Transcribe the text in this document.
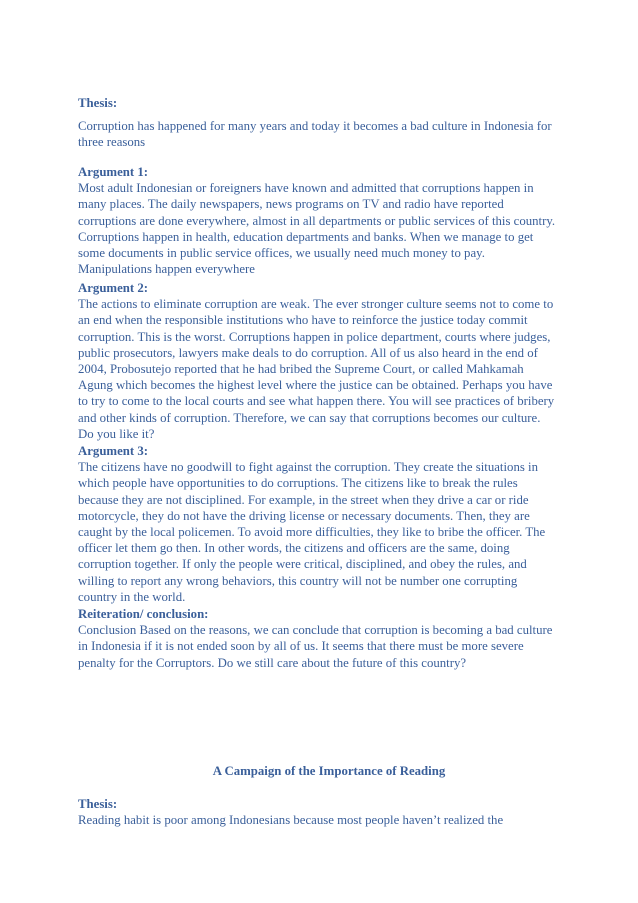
Thesis:

Corruption has happened for many years and today it becomes a bad culture in Indonesia for

three reasons

Argument 1:

Most adult Indonesian or foreigners have known and admitted that corruptions happen in

many places. The daily newspapers, news programs on TV and radio have reported

corruptions are done everywhere, almost in all departments or public services of this country.

Corruptions happen in health, education departments and banks. When we manage to get

some documents in public service offices, we usually need much money to pay.

Manipulations happen everywhere

Argument 2:

The actions to eliminate corruption are weak. The ever stronger culture seems not to come to

an end when the responsible institutions who have to reinforce the justice today commit

corruption. This is the worst. Corruptions happen in police department, courts where judges,

public prosecutors, lawyers make deals to do corruption. All of us also heard in the end of

2004, Probosutejo reported that he had bribed the Supreme Court, or called Mahkamah

Agung which becomes the highest level where the justice can be obtained. Perhaps you have

to try to come to the local courts and see what happen there. You will see practices of bribery

and other kinds of corruption. Therefore, we can say that corruptions becomes our culture.

Do you like it?

Argument 3:

The citizens have no goodwill to fight against the corruption. They create the situations in

which people have opportunities to do corruptions. The citizens like to break the rules

because they are not disciplined. For example, in the street when they drive a car or ride

motorcycle, they do not have the driving license or necessary documents. Then, they are

caught by the local policemen. To avoid more difficulties, they like to bribe the officer. The

officer let them go then. In other words, the citizens and officers are the same, doing

corruption together. If only the people were critical, disciplined, and obey the rules, and

willing to report any wrong behaviors, this country will not be number one corrupting

country in the world.

Reiteration/ conclusion:

Conclusion Based on the reasons, we can conclude that corruption is becoming a bad culture

in Indonesia if it is not ended soon by all of us. It seems that there must be more severe

penalty for the Corruptors. Do we still care about the future of this country?

A Campaign of the Importance of Reading

Thesis:

Reading habit is poor among Indonesians because most people haven’t realized the
